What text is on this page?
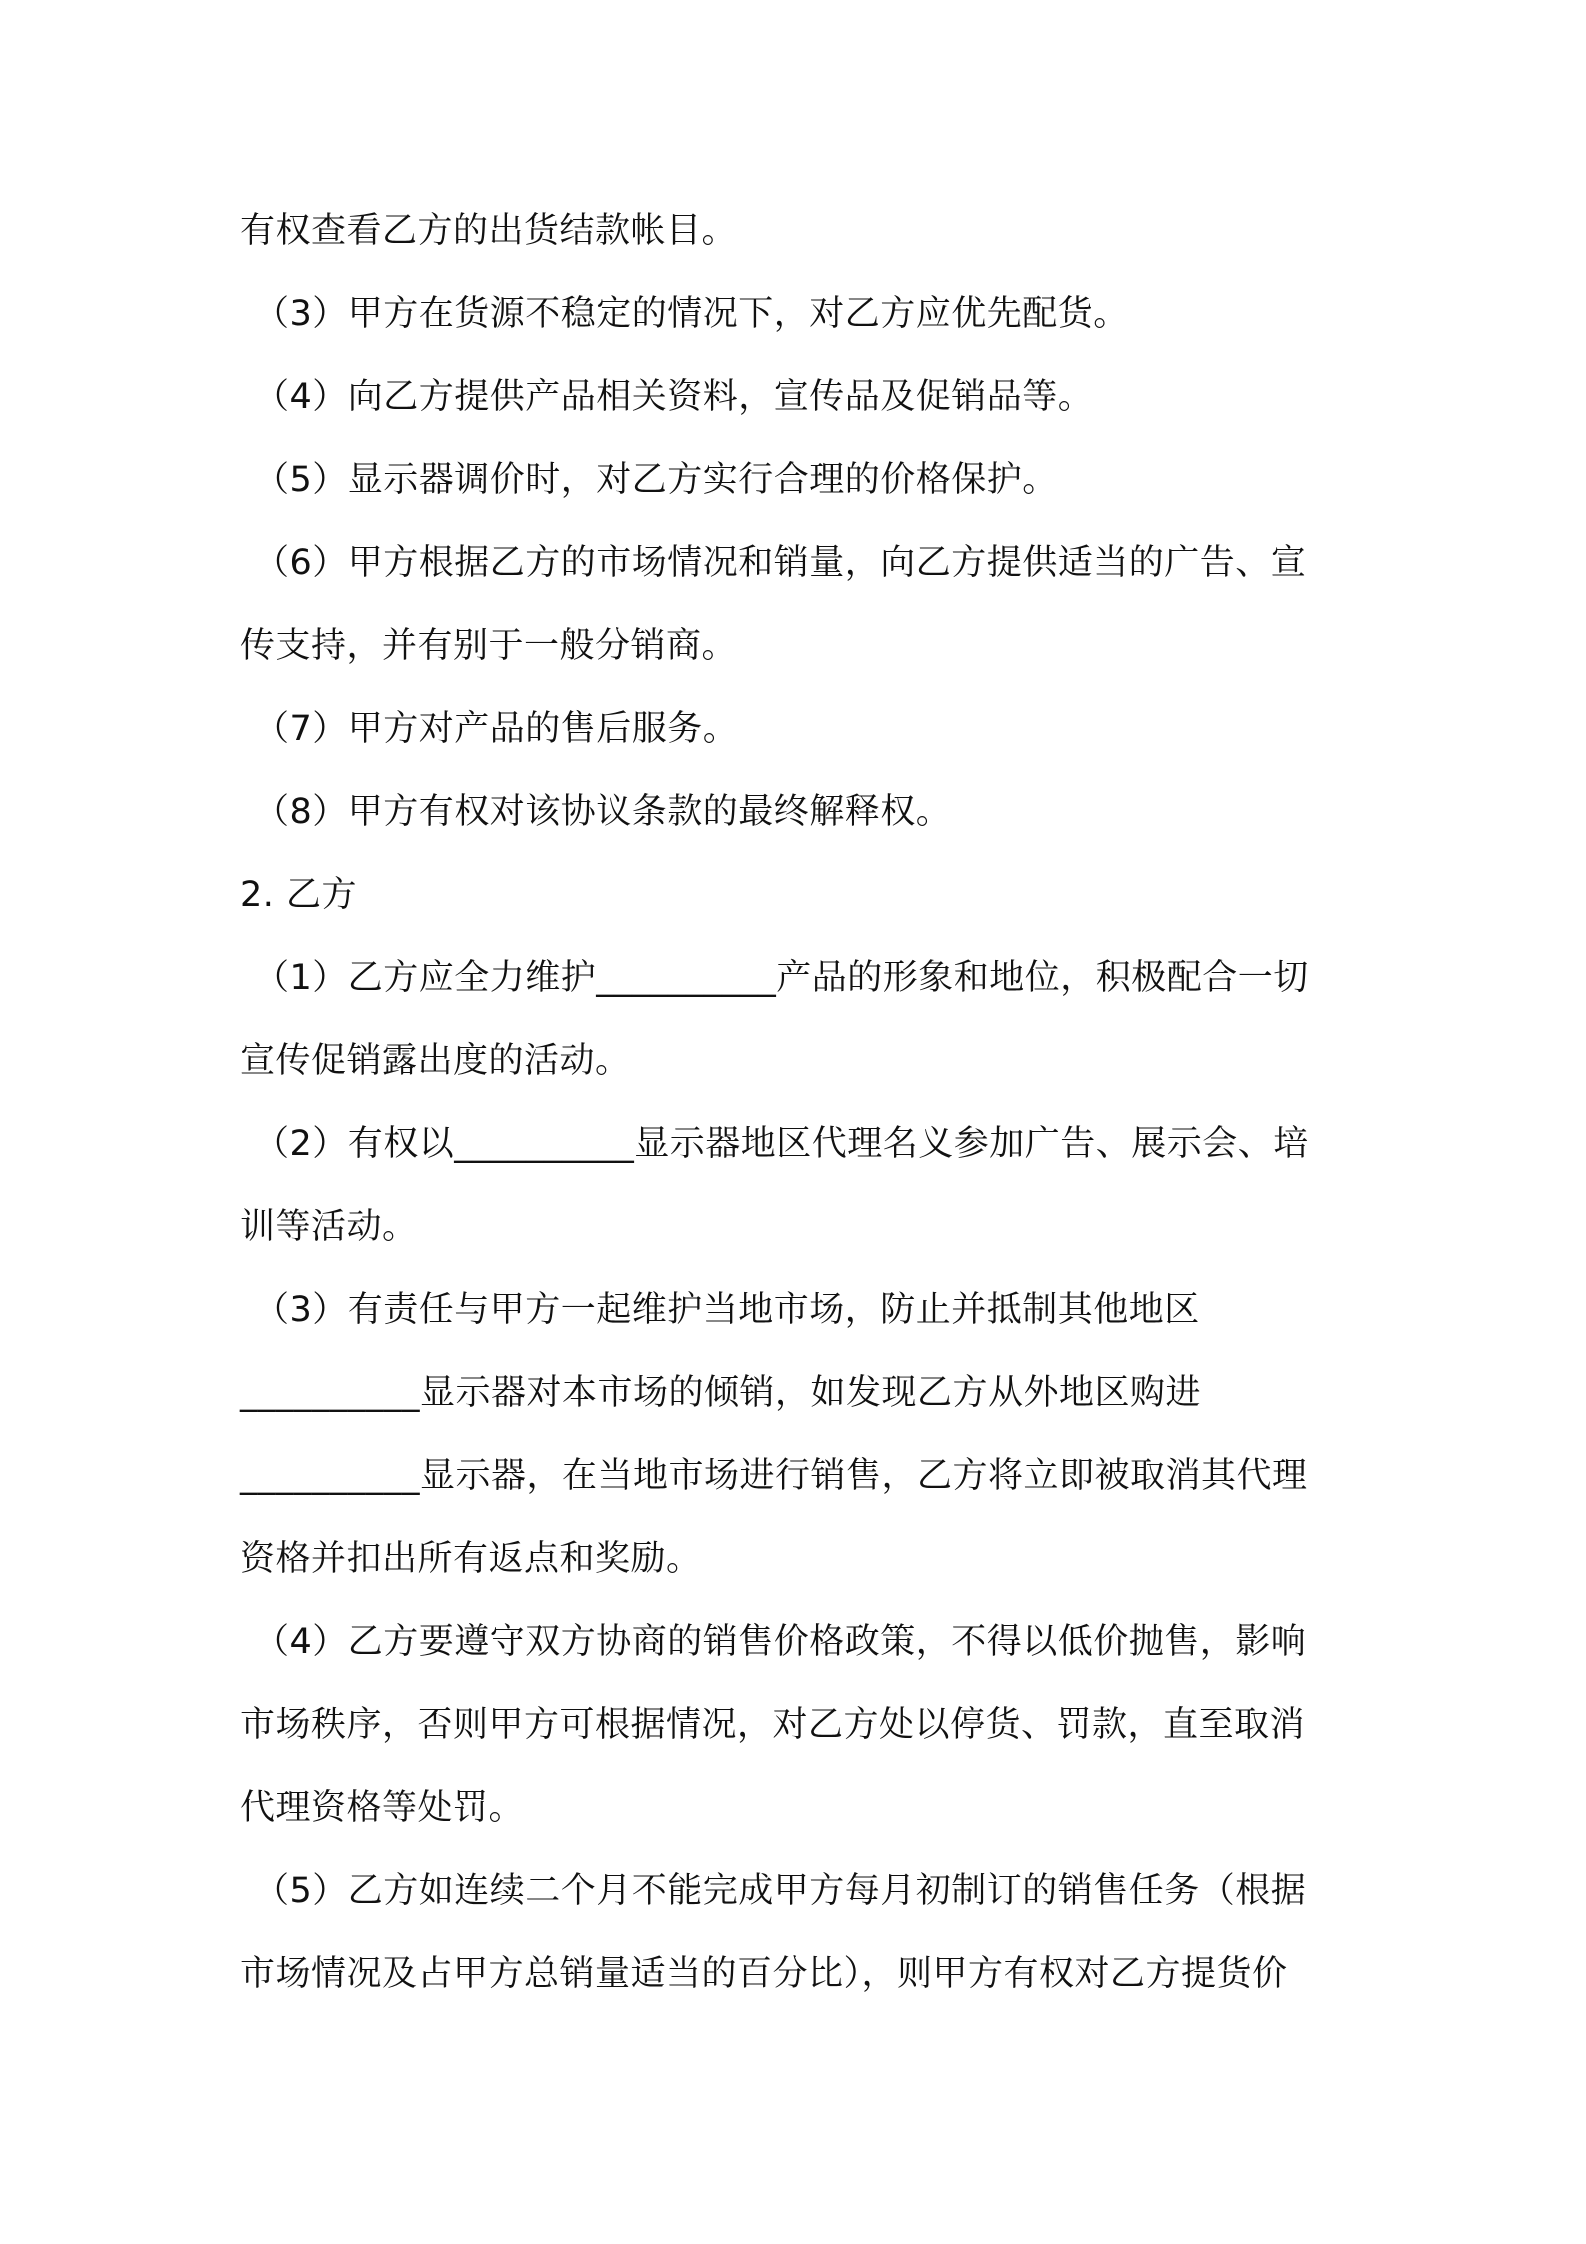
有权查看乙方的出货结款帐目。
（3）甲方在货源不稳定的情况下，对乙方应优先配货。
（4）向乙方提供产品相关资料，宣传品及促销品等。
（5）显示器调价时，对乙方实行合理的价格保护。
（6）甲方根据乙方的市场情况和销量，向乙方提供适当的广告、宣
传支持，并有别于一般分销商。
（7）甲方对产品的售后服务。
（8）甲方有权对该协议条款的最终解释权。
2. 乙方
（1）乙方应全力维护__________产品的形象和地位，积极配合一切
宣传促销露出度的活动。
（2）有权以__________显示器地区代理名义参加广告、展示会、培
训等活动。
（3）有责任与甲方一起维护当地市场，防止并抵制其他地区
__________显示器对本市场的倾销，如发现乙方从外地区购进
__________显示器，在当地市场进行销售，乙方将立即被取消其代理
资格并扣出所有返点和奖励。
（4）乙方要遵守双方协商的销售价格政策，不得以低价抛售，影响
市场秩序，否则甲方可根据情况，对乙方处以停货、罚款，直至取消
代理资格等处罚。
（5）乙方如连续二个月不能完成甲方每月初制订的销售任务（根据
市场情况及占甲方总销量适当的百分比），则甲方有权对乙方提货价
